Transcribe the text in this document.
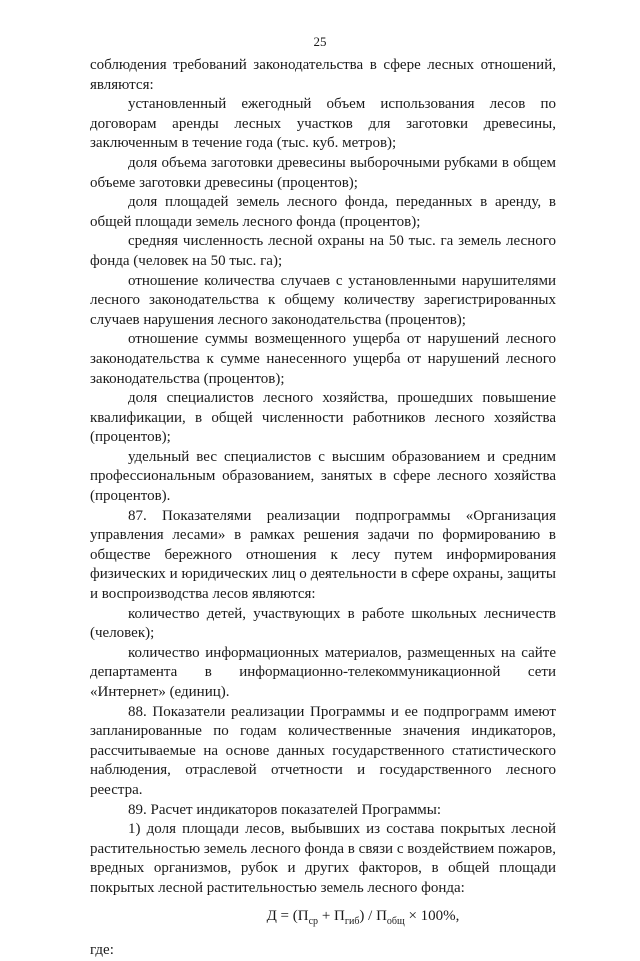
25

соблюдения требований законодательства в сфере лесных отношений, являются:

установленный ежегодный объем использования лесов по договорам аренды лесных участков для заготовки древесины, заключенным в течение года (тыс. куб. метров);

доля объема заготовки древесины выборочными рубками в общем объеме заготовки древесины (процентов);

доля площадей земель лесного фонда, переданных в аренду, в общей площади земель лесного фонда (процентов);

средняя численность лесной охраны на 50 тыс. га земель лесного фонда (человек на 50 тыс. га);

отношение количества случаев с установленными нарушителями лесного законодательства к общему количеству зарегистрированных случаев нарушения лесного законодательства (процентов);

отношение суммы возмещенного ущерба от нарушений лесного законодательства к сумме нанесенного ущерба от нарушений лесного законодательства (процентов);

доля специалистов лесного хозяйства, прошедших повышение квалификации, в общей численности работников лесного хозяйства (процентов);

удельный вес специалистов с высшим образованием и средним профессиональным образованием, занятых в сфере лесного хозяйства (процентов).

87. Показателями реализации подпрограммы «Организация управления лесами» в рамках решения задачи по формированию в обществе бережного отношения к лесу путем информирования физических и юридических лиц о деятельности в сфере охраны, защиты и воспроизводства лесов являются:

количество детей, участвующих в работе школьных лесничеств (человек);

количество информационных материалов, размещенных на сайте департамента в информационно-телекоммуникационной сети «Интернет» (единиц).

88. Показатели реализации Программы и ее подпрограмм имеют запланированные по годам количественные значения индикаторов, рассчитываемые на основе данных государственного статистического наблюдения, отраслевой отчетности и государственного лесного реестра.

89. Расчет индикаторов показателей Программы:

1) доля площади лесов, выбывших из состава покрытых лесной растительностью земель лесного фонда в связи с воздействием пожаров, вредных организмов, рубок и других факторов, в общей площади покрытых лесной растительностью земель лесного фонда:

$Д = (П_{ср} + П_{гиб}) / П_{общ} \times 100\%$,

где:
